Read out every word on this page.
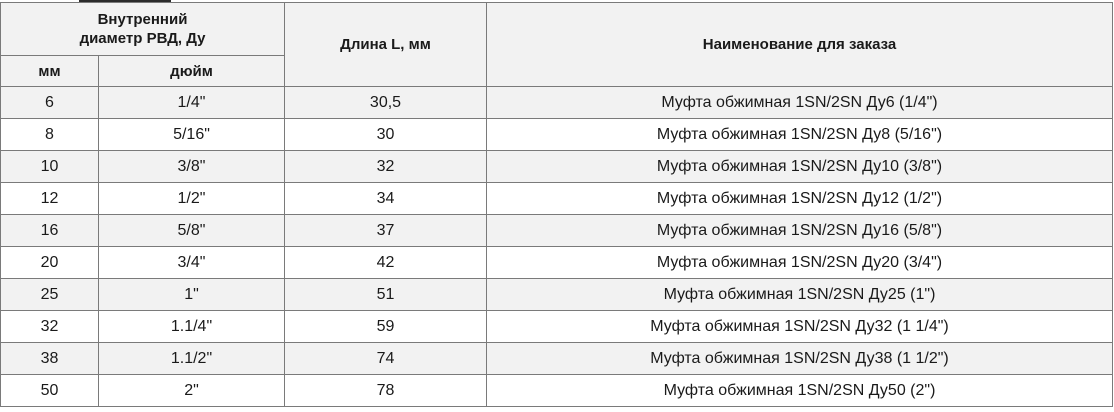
Внутренний
диаметр РВД, Ду		Длина L, мм	Наименование для заказа
мм	дюйм		
6	1/4"	30,5	Муфта обжимная 1SN/2SN Ду6 (1/4")
8	5/16"	30	Муфта обжимная 1SN/2SN Ду8 (5/16")
10	3/8"	32	Муфта обжимная 1SN/2SN Ду10 (3/8")
12	1/2"	34	Муфта обжимная 1SN/2SN Ду12 (1/2")
16	5/8"	37	Муфта обжимная 1SN/2SN Ду16 (5/8")
20	3/4"	42	Муфта обжимная 1SN/2SN Ду20 (3/4")
25	1"	51	Муфта обжимная 1SN/2SN Ду25 (1")
32	1.1/4"	59	Муфта обжимная 1SN/2SN Ду32 (1 1/4")
38	1.1/2"	74	Муфта обжимная 1SN/2SN Ду38 (1 1/2")
50	2"	78	Муфта обжимная 1SN/2SN Ду50 (2")
